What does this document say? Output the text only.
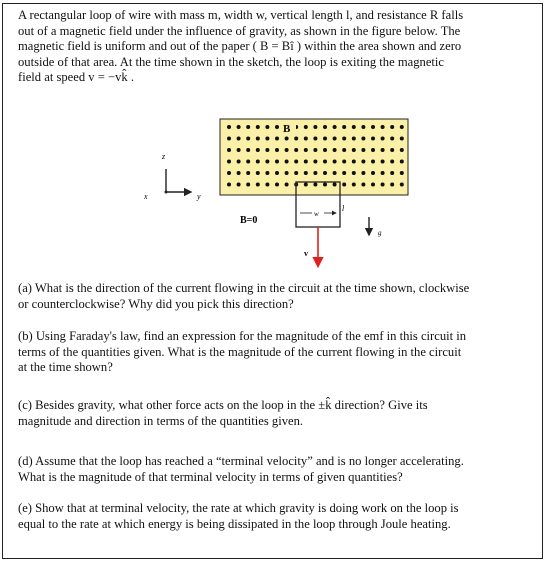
A rectangular loop of wire with mass m, width w, vertical length l, and resistance R falls

out of a magnetic field under the influence of gravity, as shown in the figure below. The

magnetic field is uniform and out of the paper ( B = Bî ) within the area shown and zero

outside of that area. At the time shown in the sketch, the loop is exiting the magnetic

field at speed v = −vk̂ .

z
x	y
B
w
l
B=0
v
g

(a) What is the direction of the current flowing in the circuit at the time shown, clockwise

or counterclockwise? Why did you pick this direction?

(b) Using Faraday's law, find an expression for the magnitude of the emf in this circuit in

terms of the quantities given. What is the magnitude of the current flowing in the circuit

at the time shown?

(c) Besides gravity, what other force acts on the loop in the ±k̂ direction? Give its

magnitude and direction in terms of the quantities given.

(d) Assume that the loop has reached a “terminal velocity” and is no longer accelerating.

What is the magnitude of that terminal velocity in terms of given quantities?

(e) Show that at terminal velocity, the rate at which gravity is doing work on the loop is

equal to the rate at which energy is being dissipated in the loop through Joule heating.
